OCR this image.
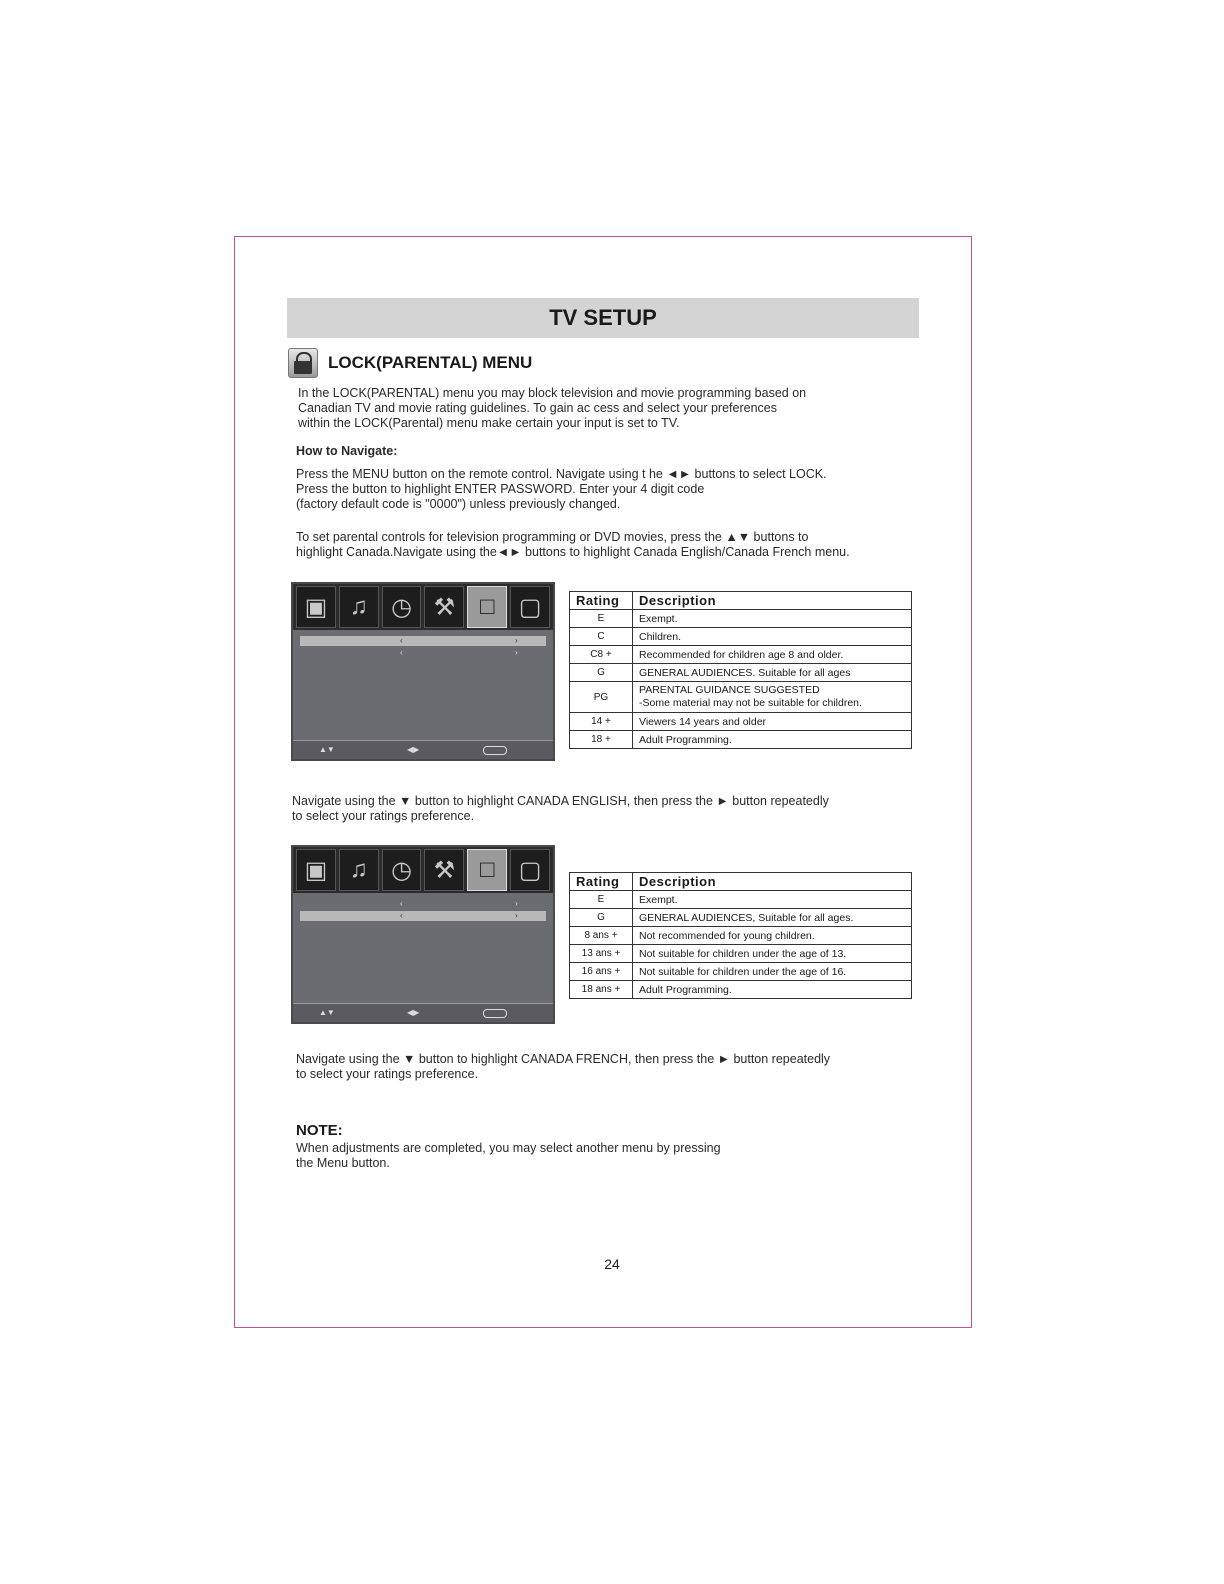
TV SETUP
LOCK(PARENTAL) MENU
In the LOCK(PARENTAL) menu you may block television and movie programming based on
Canadian TV and movie rating guidelines. To gain ac cess and select your preferences
within the LOCK(Parental) menu make certain your input is set to TV.
How to Navigate:
Press the MENU button on the remote control. Navigate using t he ◄► buttons to select LOCK.
Press the button to highlight ENTER PASSWORD. Enter your 4 digit code
(factory default code is "0000") unless previously changed.
To set parental controls for television programming or DVD movies, press the ▲▼ buttons to
highlight Canada.Navigate using the◄► buttons to highlight Canada English/Canada French menu.
▣ ♫ ◷ ⚒	□	▢
‹	›
‹	›
▲▼	◀▶
Rating	Description
E	Exempt.
C	Children.
C8 +	Recommended for children age 8 and older.
G	GENERAL AUDIENCES. Suitable for all ages
PG	PARENTAL GUIDANCE SUGGESTED
-Some material may not be suitable for children.

14 +	Viewers 14 years and older
18 +	Adult Programming.
Navigate using the ▼ button to highlight CANADA ENGLISH, then press the ► button repeatedly
to select your ratings preference.
▣ ♫ ◷ ⚒	□	▢
‹	›
‹	›
▲▼	◀▶
Rating	Description
E	Exempt.
G	GENERAL AUDIENCES, Suitable for all ages.
8 ans +	Not recommended for young children.
13 ans +	Not suitable for children under the age of 13.
16 ans +	Not suitable for children under the age of 16.
18 ans +	Adult Programming.
Navigate using the ▼ button to highlight CANADA FRENCH, then press the ► button repeatedly
to select your ratings preference.
NOTE:
When adjustments are completed, you may select another menu by pressing
the Menu button.
24
